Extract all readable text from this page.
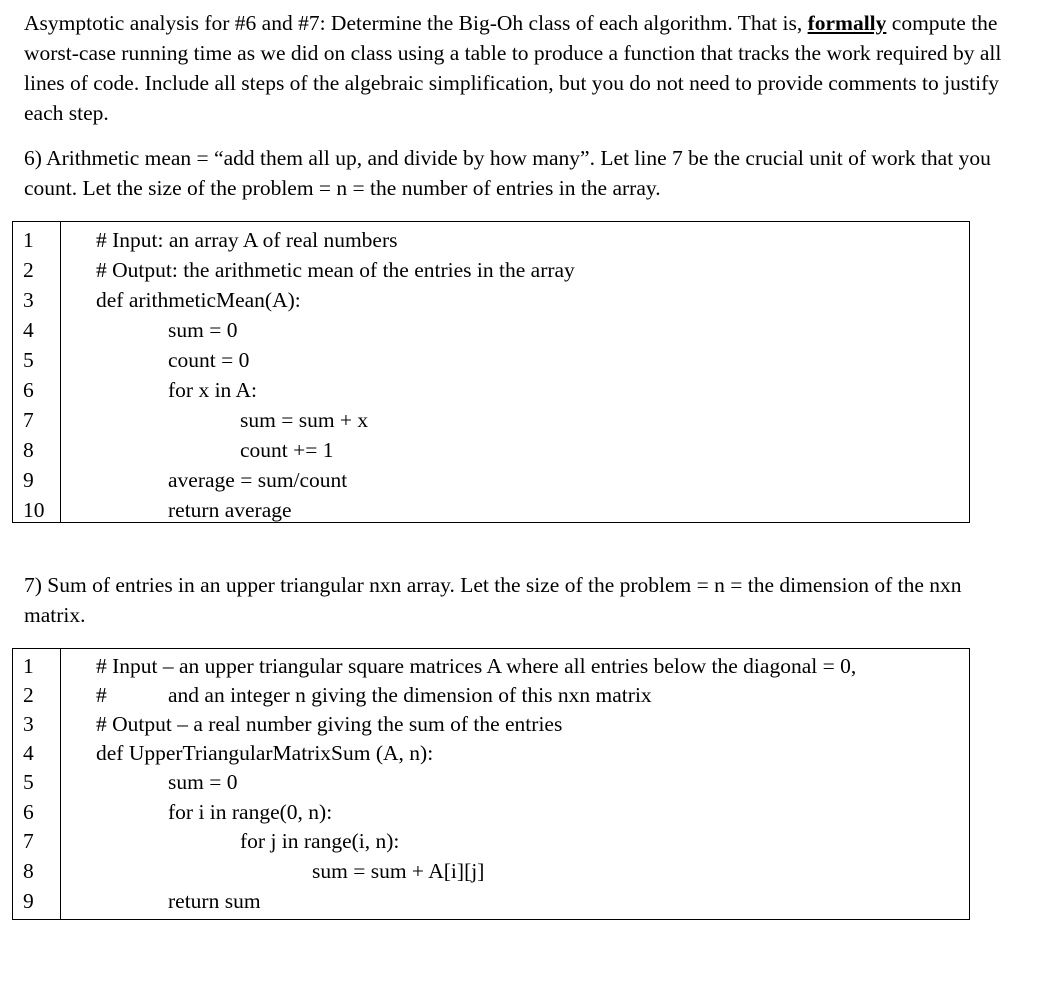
Asymptotic analysis for #6 and #7: Determine the Big-Oh class of each algorithm. That is, formally compute the worst-case running time as we did on class using a table to produce a function that tracks the work required by all lines of code. Include all steps of the algebraic simplification, but you do not need to provide comments to justify each step.

6) Arithmetic mean = “add them all up, and divide by how many”. Let line 7 be the crucial unit of work that you count. Let the size of the problem = n = the number of entries in the array.

1	# Input: an array A of real numbers
2	# Output: the arithmetic mean of the entries in the array
3	def arithmeticMean(A):
4	sum = 0
5	count = 0
6	for x in A:
7	sum = sum + x
8	count += 1
9	average = sum/count
10	return average

7) Sum of entries in an upper triangular nxn array. Let the size of the problem = n = the dimension of the nxn matrix.

1	# Input – an upper triangular square matrices A where all entries below the diagonal = 0,
2	#	and an integer n giving the dimension of this nxn matrix
3	# Output – a real number giving the sum of the entries
4	def UpperTriangularMatrixSum (A, n):
5	sum = 0
6	for i in range(0, n):
7	for j in range(i, n):
8	sum = sum + A[i][j]
9	return sum
